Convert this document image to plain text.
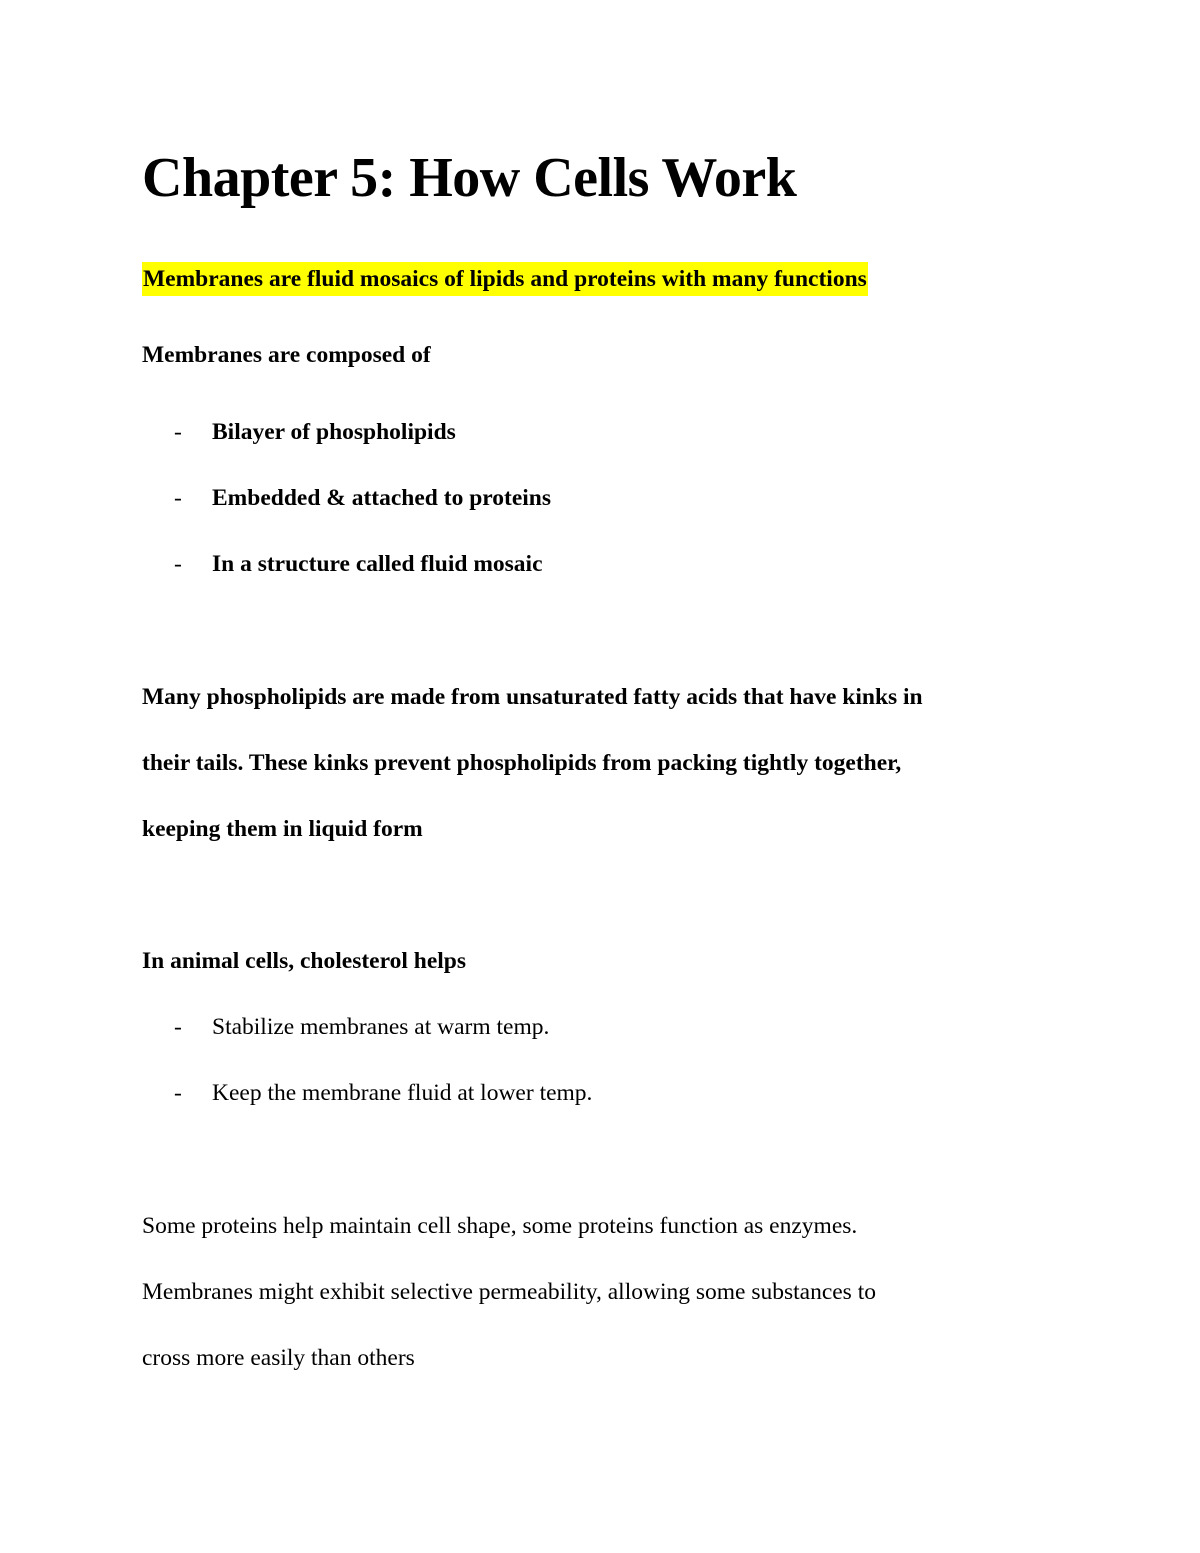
Chapter 5: How Cells Work
Membranes are fluid mosaics of lipids and proteins with many functions
Membranes are composed of
- Bilayer of phospholipids
- Embedded & attached to proteins
- In a structure called fluid mosaic
Many phospholipids are made from unsaturated fatty acids that have kinks in
their tails. These kinks prevent phospholipids from packing tightly together,
keeping them in liquid form
In animal cells, cholesterol helps
- Stabilize membranes at warm temp.
- Keep the membrane fluid at lower temp.
Some proteins help maintain cell shape, some proteins function as enzymes.
Membranes might exhibit selective permeability, allowing some substances to
cross more easily than others
